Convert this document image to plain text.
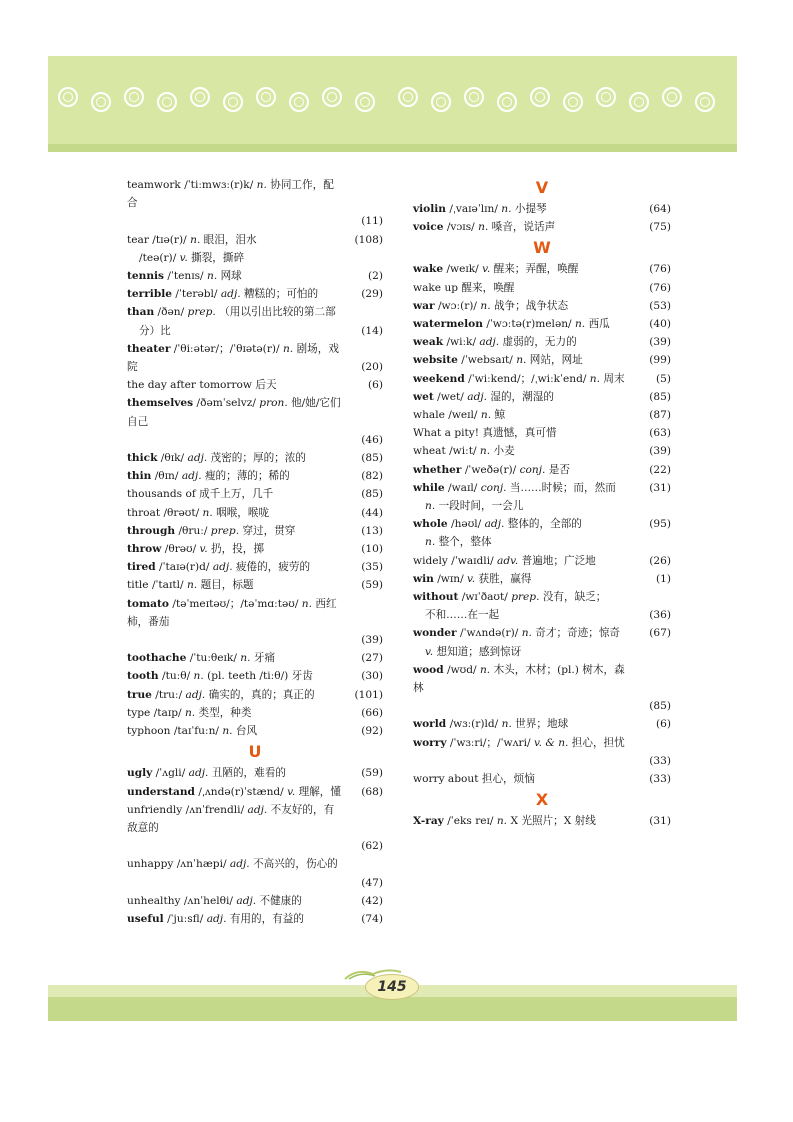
teamwork /ˈtiːmwɜː(r)k/ n. 协同工作，配合
(11)
tear /tɪə(r)/ n. 眼泪，泪水	(108)
/teə(r)/ v. 撕裂，撕碎
tennis /ˈtenɪs/ n. 网球	(2)
terrible /ˈterəbl/ adj. 糟糕的；可怕的	(29)
than /ðən/ prep. （用以引出比较的第二部
分）比	(14)
theater /ˈθiːətər/；/ˈθɪətə(r)/ n. 剧场，戏院	(20)
the day after tomorrow 后天	(6)
themselves /ðəmˈselvz/ pron. 他/她/它们自己
(46)
thick /θɪk/ adj. 茂密的；厚的；浓的	(85)
thin /θɪn/ adj. 瘦的；薄的；稀的	(82)
thousands of 成千上万，几千	(85)
throat /θrəʊt/ n. 咽喉，喉咙	(44)
through /θruː/ prep. 穿过，贯穿	(13)
throw /θrəʊ/ v. 扔，投，掷	(10)
tired /ˈtaɪə(r)d/ adj. 疲倦的，疲劳的	(35)
title /ˈtaɪtl/ n. 题目，标题	(59)
tomato /təˈmeɪtəʊ/；/təˈmɑːtəʊ/ n. 西红柿，番茄
(39)
toothache /ˈtuːθeɪk/ n. 牙痛	(27)
tooth /tuːθ/ n. (pl. teeth /tiːθ/) 牙齿	(30)
true /truː/ adj. 确实的，真的；真正的	(101)
type /taɪp/ n. 类型，种类	(66)
typhoon /taɪˈfuːn/ n. 台风	(92)
U
ugly /ˈʌgli/ adj. 丑陋的，难看的	(59)
understand /ˌʌndə(r)ˈstænd/ v. 理解，懂 (68)
unfriendly /ʌnˈfrendli/ adj. 不友好的，有敌意的
(62)
unhappy /ʌnˈhæpi/ adj. 不高兴的，伤心的
(47)
unhealthy /ʌnˈhelθi/ adj. 不健康的	(42)
useful /ˈjuːsfl/ adj. 有用的，有益的	(74)
V
violin /ˌvaɪəˈlɪn/ n. 小提琴	(64)
voice /vɔɪs/ n. 嗓音，说话声	(75)
W
wake /weɪk/ v. 醒来；弄醒，唤醒	(76)
wake up 醒来，唤醒	(76)
war /wɔː(r)/ n. 战争；战争状态	(53)
watermelon /ˈwɔːtə(r)melən/ n. 西瓜	(40)
weak /wiːk/ adj. 虚弱的，无力的	(39)
website /ˈwebsaɪt/ n. 网站，网址	(99)
weekend /ˈwiːkend/；/ˌwiːkˈend/ n. 周末	(5)
wet /wet/ adj. 湿的，潮湿的	(85)
whale /weɪl/ n. 鲸	(87)
What a pity! 真遗憾，真可惜	(63)
wheat /wiːt/ n. 小麦	(39)
whether /ˈweðə(r)/ conj. 是否	(22)
while /waɪl/ conj. 当……时候；而，然而	(31)
n. 一段时间，一会儿
whole /həʊl/ adj. 整体的，全部的	(95)
n. 整个，整体
widely /ˈwaɪdli/ adv. 普遍地；广泛地	(26)
win /wɪn/ v. 获胜，赢得	(1)
without /wɪˈðaʊt/ prep. 没有，缺乏；
不和……在一起	(36)
wonder /ˈwʌndə(r)/ n. 奇才；奇迹；惊奇	(67)
v. 想知道；感到惊讶
wood /wʊd/ n. 木头，木材；(pl.) 树木，森林
(85)
world /wɜː(r)ld/ n. 世界；地球	(6)
worry /ˈwɜːri/；/ˈwʌri/ v. & n. 担心，担忧
(33)
worry about 担心，烦恼	(33)
X
X-ray /ˈeks reɪ/ n. X 光照片；X 射线	(31)
145
